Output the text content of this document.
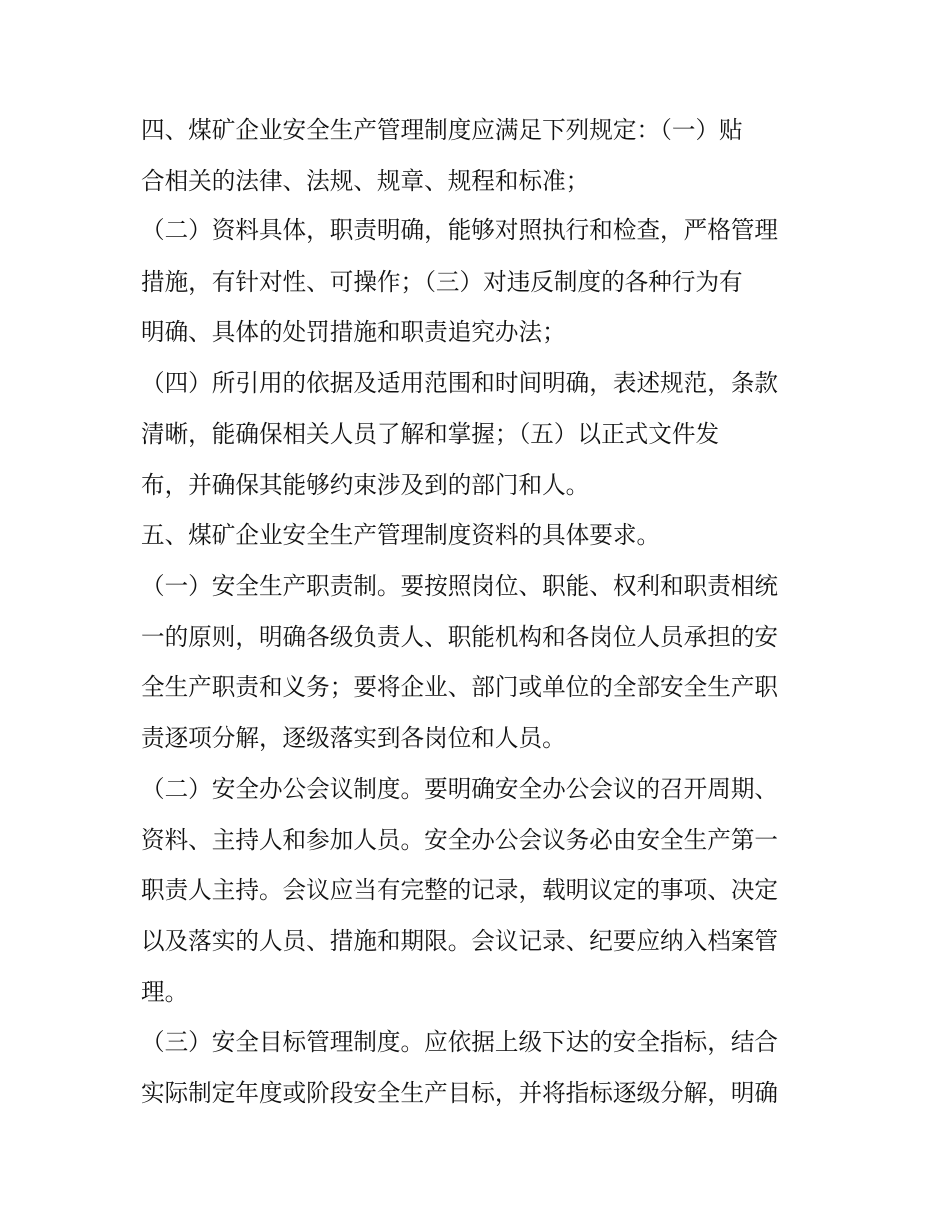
四、煤矿企业安全生产管理制度应满足下列规定：（一）贴
合相关的法律、法规、规章、规程和标准；
（二）资料具体，职责明确，能够对照执行和检查，严格管理
措施，有针对性、可操作；（三）对违反制度的各种行为有
明确、具体的处罚措施和职责追究办法；
（四）所引用的依据及适用范围和时间明确，表述规范，条款
清晰，能确保相关人员了解和掌握；（五）以正式文件发
布，并确保其能够约束涉及到的部门和人。
五、煤矿企业安全生产管理制度资料的具体要求。
（一）安全生产职责制。要按照岗位、职能、权利和职责相统
一的原则，明确各级负责人、职能机构和各岗位人员承担的安
全生产职责和义务；要将企业、部门或单位的全部安全生产职
责逐项分解，逐级落实到各岗位和人员。
（二）安全办公会议制度。要明确安全办公会议的召开周期、
资料、主持人和参加人员。安全办公会议务必由安全生产第一
职责人主持。会议应当有完整的记录，载明议定的事项、决定
以及落实的人员、措施和期限。会议记录、纪要应纳入档案管
理。
（三）安全目标管理制度。应依据上级下达的安全指标，结合
实际制定年度或阶段安全生产目标，并将指标逐级分解，明确
